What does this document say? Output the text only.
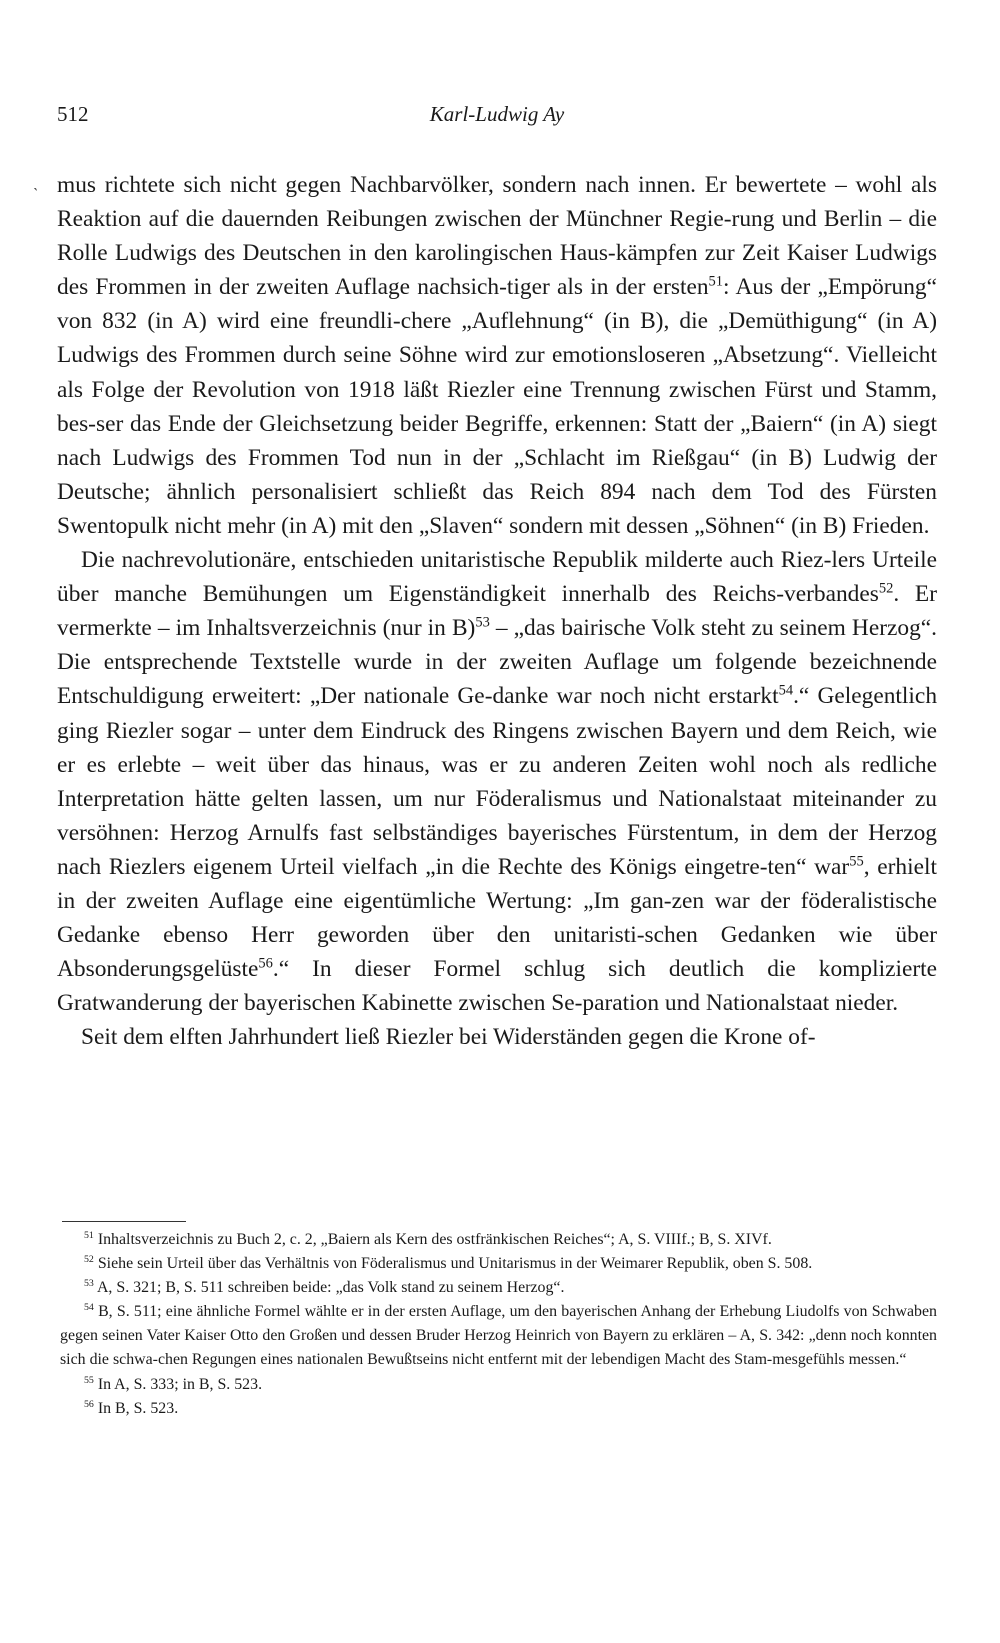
512	Karl-Ludwig Ay
ˎ mus richtete sich nicht gegen Nachbarvölker, sondern nach innen. Er bewertete – wohl als Reaktion auf die dauernden Reibungen zwischen der Münchner Regie-rung und Berlin – die Rolle Ludwigs des Deutschen in den karolingischen Haus-kämpfen zur Zeit Kaiser Ludwigs des Frommen in der zweiten Auflage nachsich-tiger als in der ersten$^{51}$: Aus der „Empörung“ von 832 (in A) wird eine freundli-chere „Auflehnung“ (in B), die „Demüthigung“ (in A) Ludwigs des Frommen durch seine Söhne wird zur emotionsloseren „Absetzung“. Vielleicht als Folge der Revolution von 1918 läßt Riezler eine Trennung zwischen Fürst und Stamm, bes-ser das Ende der Gleichsetzung beider Begriffe, erkennen: Statt der „Baiern“ (in A) siegt nach Ludwigs des Frommen Tod nun in der „Schlacht im Rießgau“ (in B) Ludwig der Deutsche; ähnlich personalisiert schließt das Reich 894 nach dem Tod des Fürsten Swentopulk nicht mehr (in A) mit den „Slaven“ sondern mit dessen „Söhnen“ (in B) Frieden.

Die nachrevolutionäre, entschieden unitaristische Republik milderte auch Riez-lers Urteile über manche Bemühungen um Eigenständigkeit innerhalb des Reichs-verbandes$^{52}$. Er vermerkte – im Inhaltsverzeichnis (nur in B)$^{53}$ – „das bairische Volk steht zu seinem Herzog“. Die entsprechende Textstelle wurde in der zweiten Auflage um folgende bezeichnende Entschuldigung erweitert: „Der nationale Ge-danke war noch nicht erstarkt$^{54}$.“ Gelegentlich ging Riezler sogar – unter dem Eindruck des Ringens zwischen Bayern und dem Reich, wie er es erlebte – weit über das hinaus, was er zu anderen Zeiten wohl noch als redliche Interpretation hätte gelten lassen, um nur Föderalismus und Nationalstaat miteinander zu versöhnen: Herzog Arnulfs fast selbständiges bayerisches Fürstentum, in dem der Herzog nach Riezlers eigenem Urteil vielfach „in die Rechte des Königs eingetre-ten“ war$^{55}$, erhielt in der zweiten Auflage eine eigentümliche Wertung: „Im gan-zen war der föderalistische Gedanke ebenso Herr geworden über den unitaristi-schen Gedanken wie über Absonderungsgelüste$^{56}$.“ In dieser Formel schlug sich deutlich die komplizierte Gratwanderung der bayerischen Kabinette zwischen Se-paration und Nationalstaat nieder.

Seit dem elften Jahrhundert ließ Riezler bei Widerständen gegen die Krone of-

$^{51}$ Inhaltsverzeichnis zu Buch 2, c. 2, „Baiern als Kern des ostfränkischen Reiches“; A, S. VIIIf.; B, S. XIVf.

$^{52}$ Siehe sein Urteil über das Verhältnis von Föderalismus und Unitarismus in der Weimarer Republik, oben S. 508.

$^{53}$ A, S. 321; B, S. 511 schreiben beide: „das Volk stand zu seinem Herzog“.

$^{54}$ B, S. 511; eine ähnliche Formel wählte er in der ersten Auflage, um den bayerischen Anhang der Erhebung Liudolfs von Schwaben gegen seinen Vater Kaiser Otto den Großen und dessen Bruder Herzog Heinrich von Bayern zu erklären – A, S. 342: „denn noch konnten sich die schwa-chen Regungen eines nationalen Bewußtseins nicht entfernt mit der lebendigen Macht des Stam-mesgefühls messen.“

$^{55}$ In A, S. 333; in B, S. 523.

$^{56}$ In B, S. 523.
